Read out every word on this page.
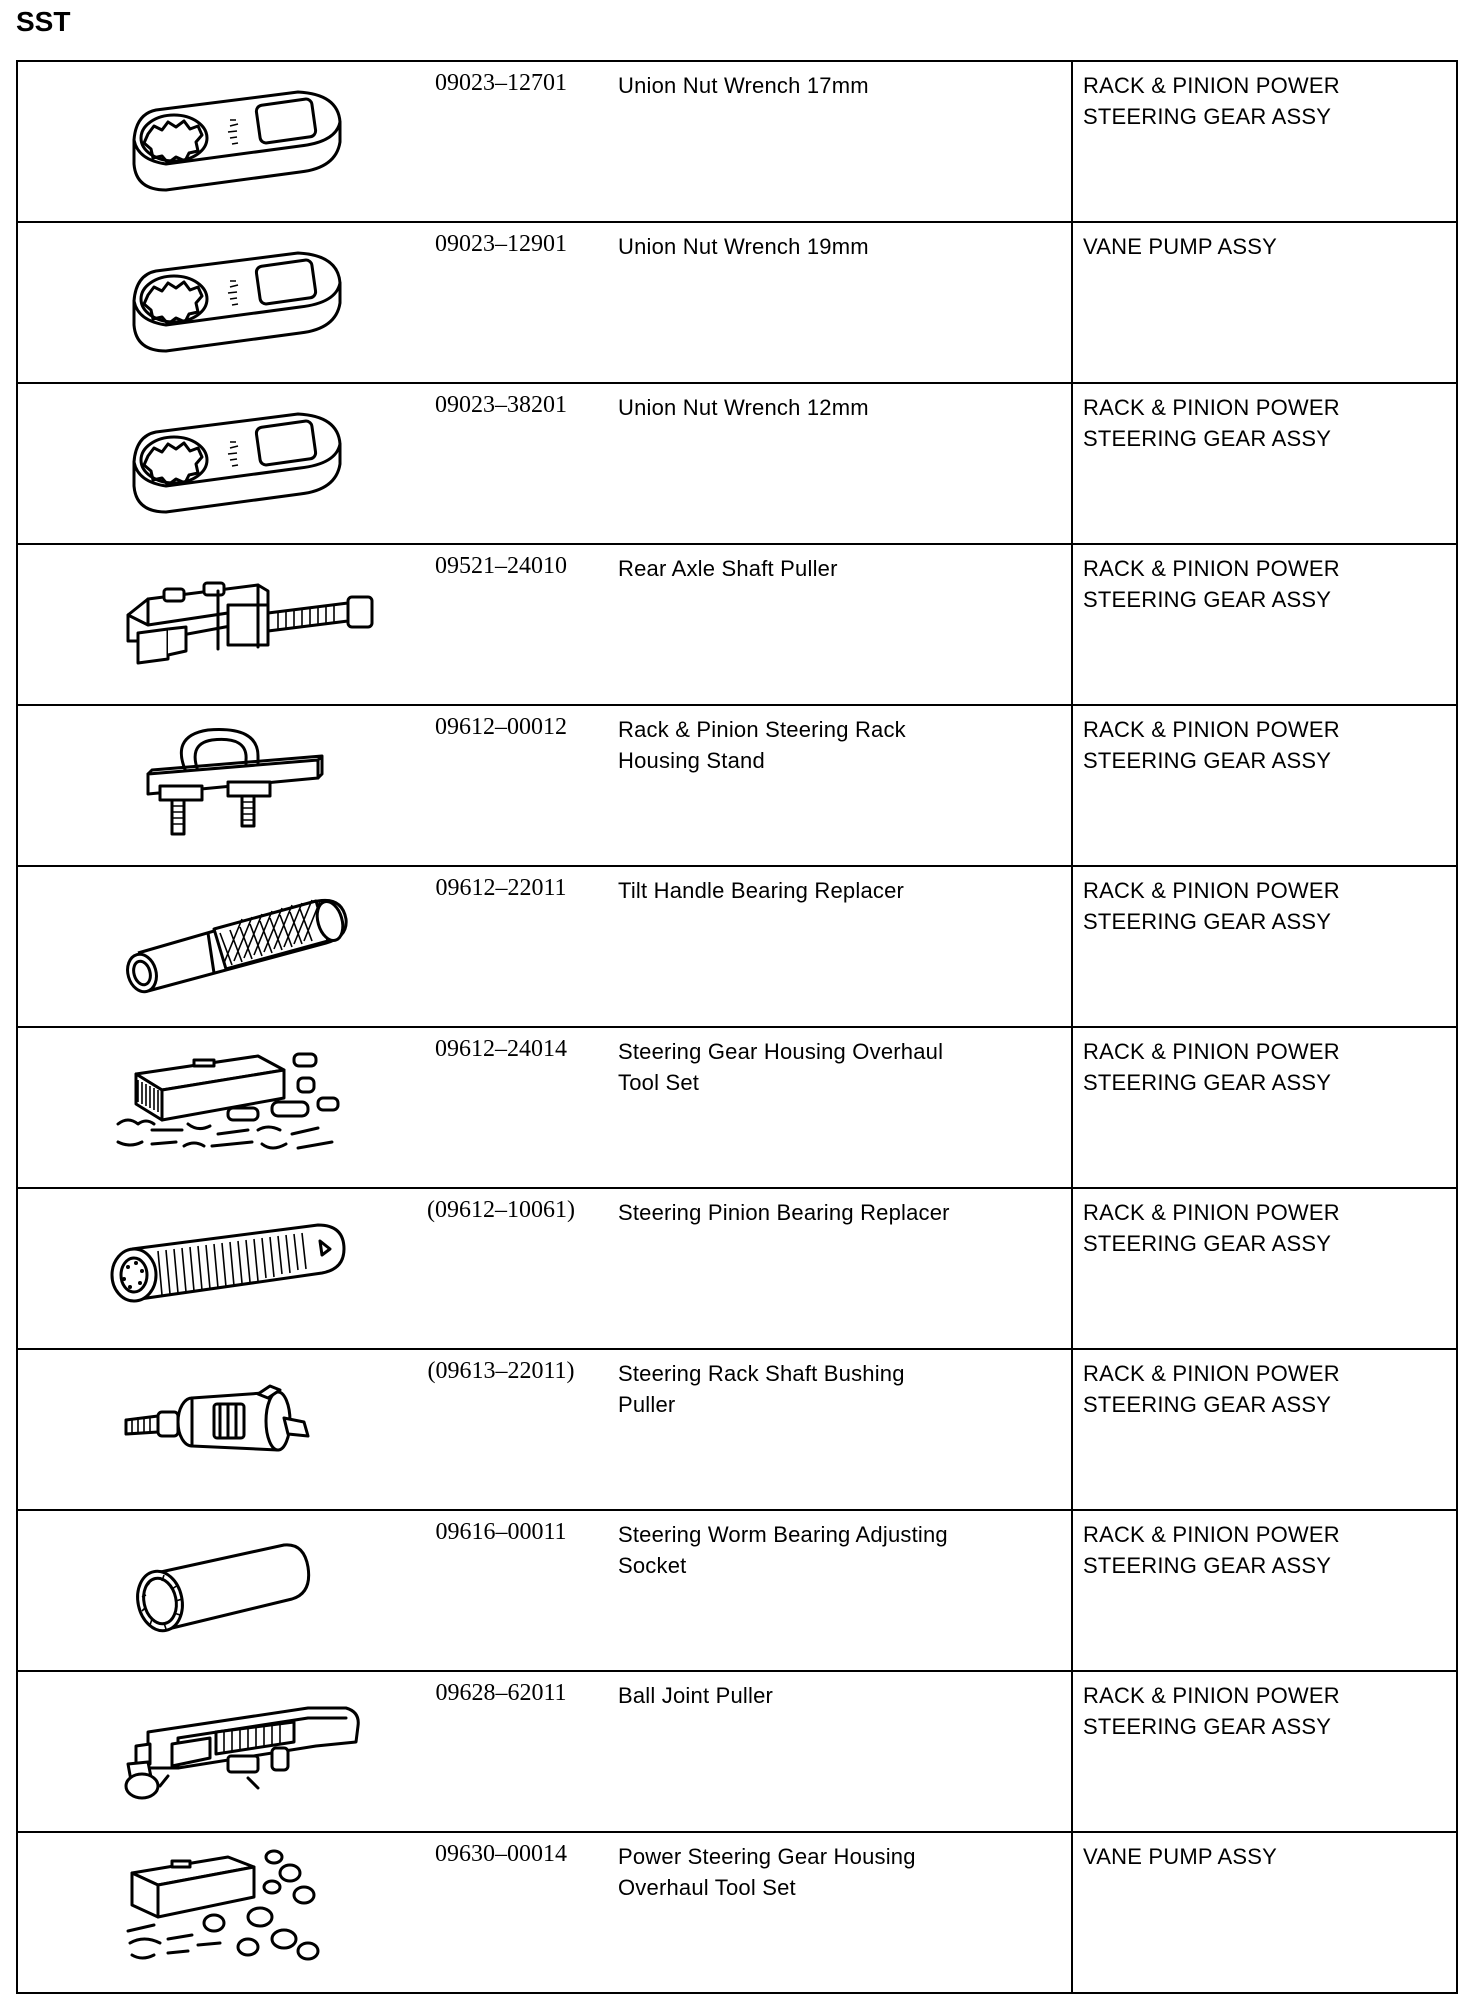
SST
09023–12701 Union Nut Wrench 17mm	RACK & PINION POWER STEERING GEAR ASSY

09023–12901 Union Nut Wrench 19mm	VANE PUMP ASSY

09023–38201 Union Nut Wrench 12mm	RACK & PINION POWER STEERING GEAR ASSY

09521–24010 Rear Axle Shaft Puller	RACK & PINION POWER STEERING GEAR ASSY

09612–00012 Rack & Pinion Steering Rack Housing Stand	RACK & PINION POWER STEERING GEAR ASSY

09612–22011 Tilt Handle Bearing Replacer	RACK & PINION POWER STEERING GEAR ASSY

09612–24014 Steering Gear Housing Overhaul Tool Set	RACK & PINION POWER STEERING GEAR ASSY

(09612–10061) Steering Pinion Bearing Replacer	RACK & PINION POWER STEERING GEAR ASSY

(09613–22011) Steering Rack Shaft Bushing Puller	RACK & PINION POWER STEERING GEAR ASSY

09616–00011 Steering Worm Bearing Adjusting Socket	RACK & PINION POWER STEERING GEAR ASSY

09628–62011 Ball Joint Puller	RACK & PINION POWER STEERING GEAR ASSY

09630–00014 Power Steering Gear Housing Overhaul Tool Set	VANE PUMP ASSY
